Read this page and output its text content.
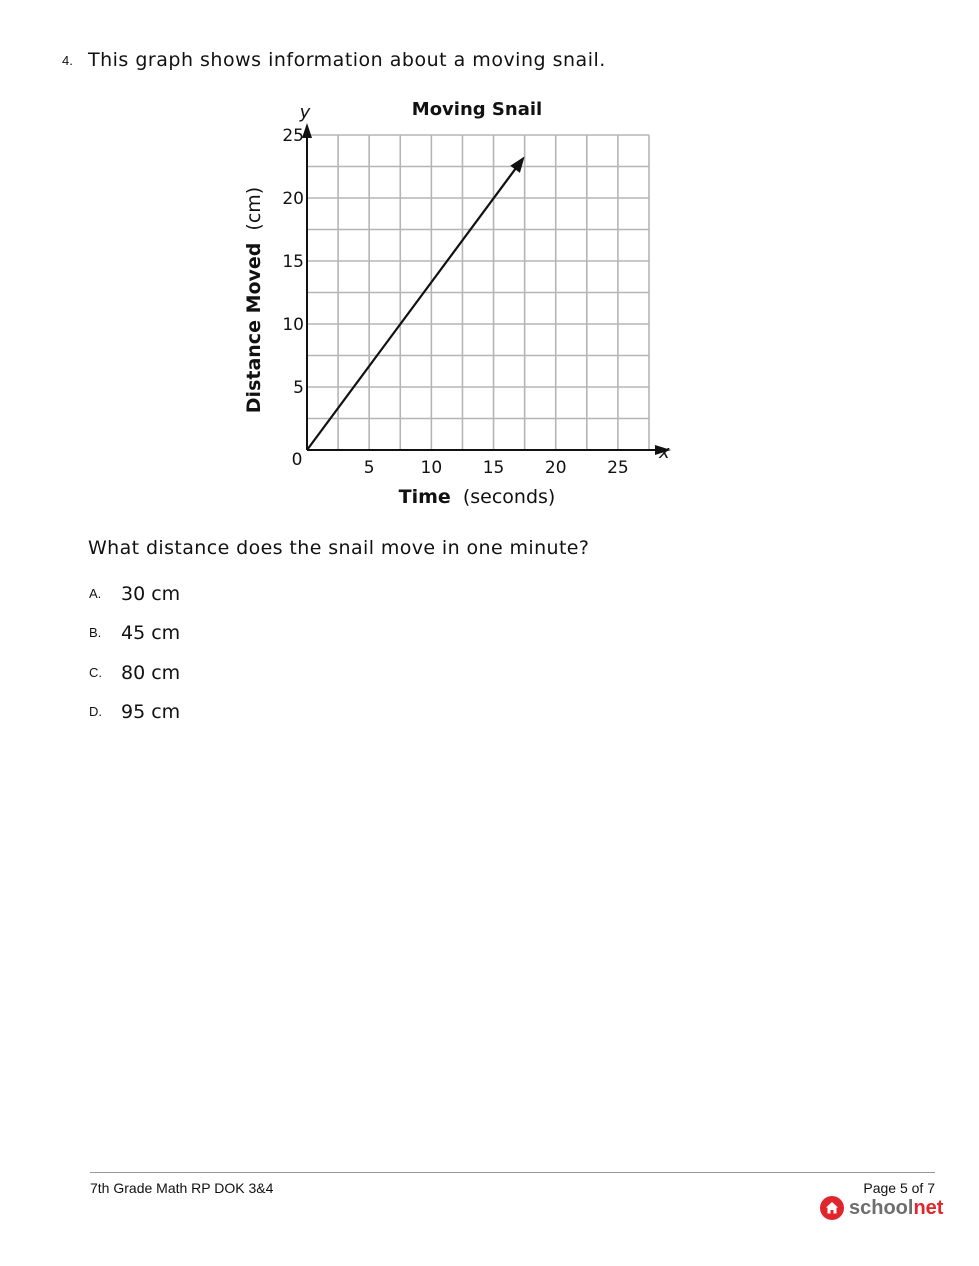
4. This graph shows information about a moving snail.
5	10 15 20 25
5
10
15
20
25
Moving Snail
x
y
0
Time (seconds)
Distance Moved (cm)
What distance does the snail move in one minute?
A. 30 cm
B. 45 cm
C. 80 cm
D. 95 cm
7th Grade Math RP DOK 3&4	Page 5 of 7
schoolnet
